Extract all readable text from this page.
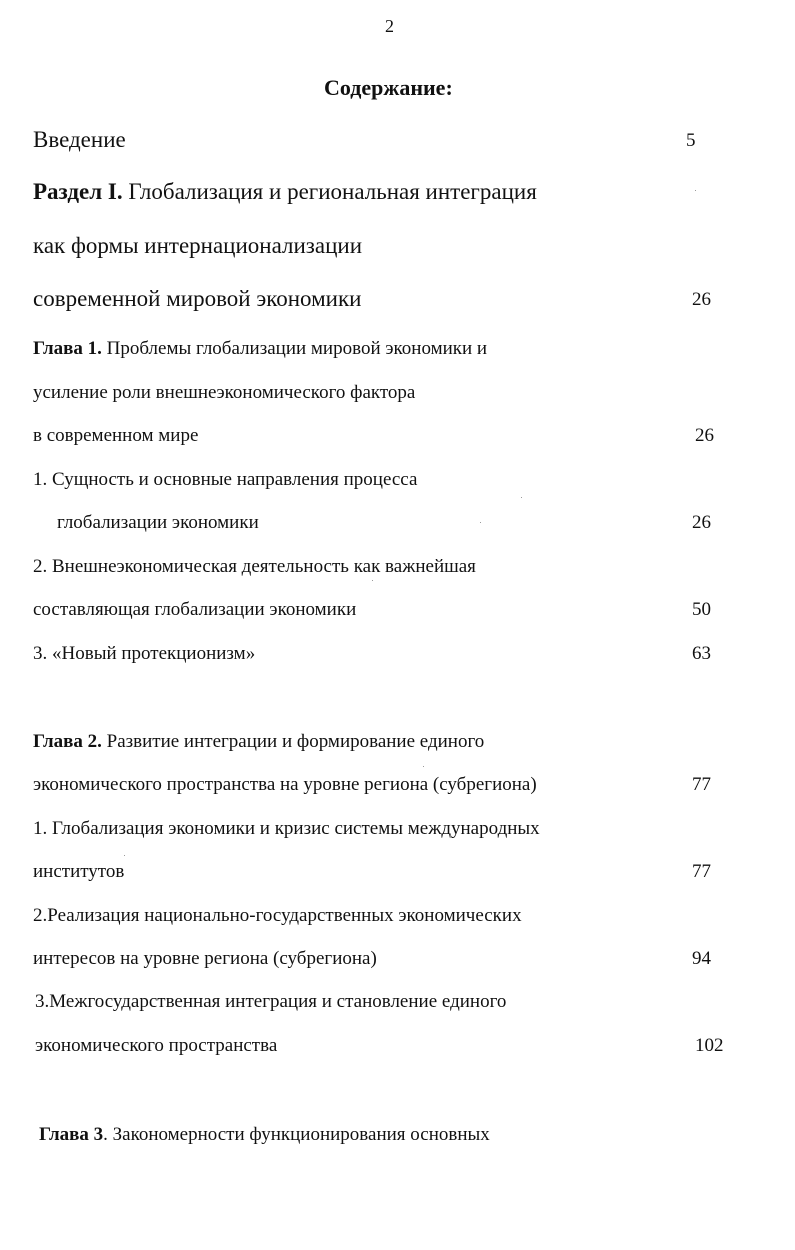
2
Содержание:
Введение	5
Раздел I. Глобализация и региональная интеграция
как формы интернационализации
современной мировой экономики	26
Глава 1. Проблемы глобализации мировой экономики и
усиление роли внешнеэкономического фактора
в современном мире	26
1. Сущность и основные направления процесса
глобализации экономики	26
2. Внешнеэкономическая деятельность как важнейшая
составляющая глобализации экономики	50
3. «Новый протекционизм»	63
Глава 2. Развитие интеграции и формирование единого
экономического пространства на уровне региона (субрегиона)	77
1. Глобализация экономики и кризис системы международных
институтов	77
2.Реализация национально-государственных экономических
интересов на уровне региона (субрегиона)	94
3.Межгосударственная интеграция и становление единого
экономического пространства	102
Глава 3. Закономерности функционирования основных
